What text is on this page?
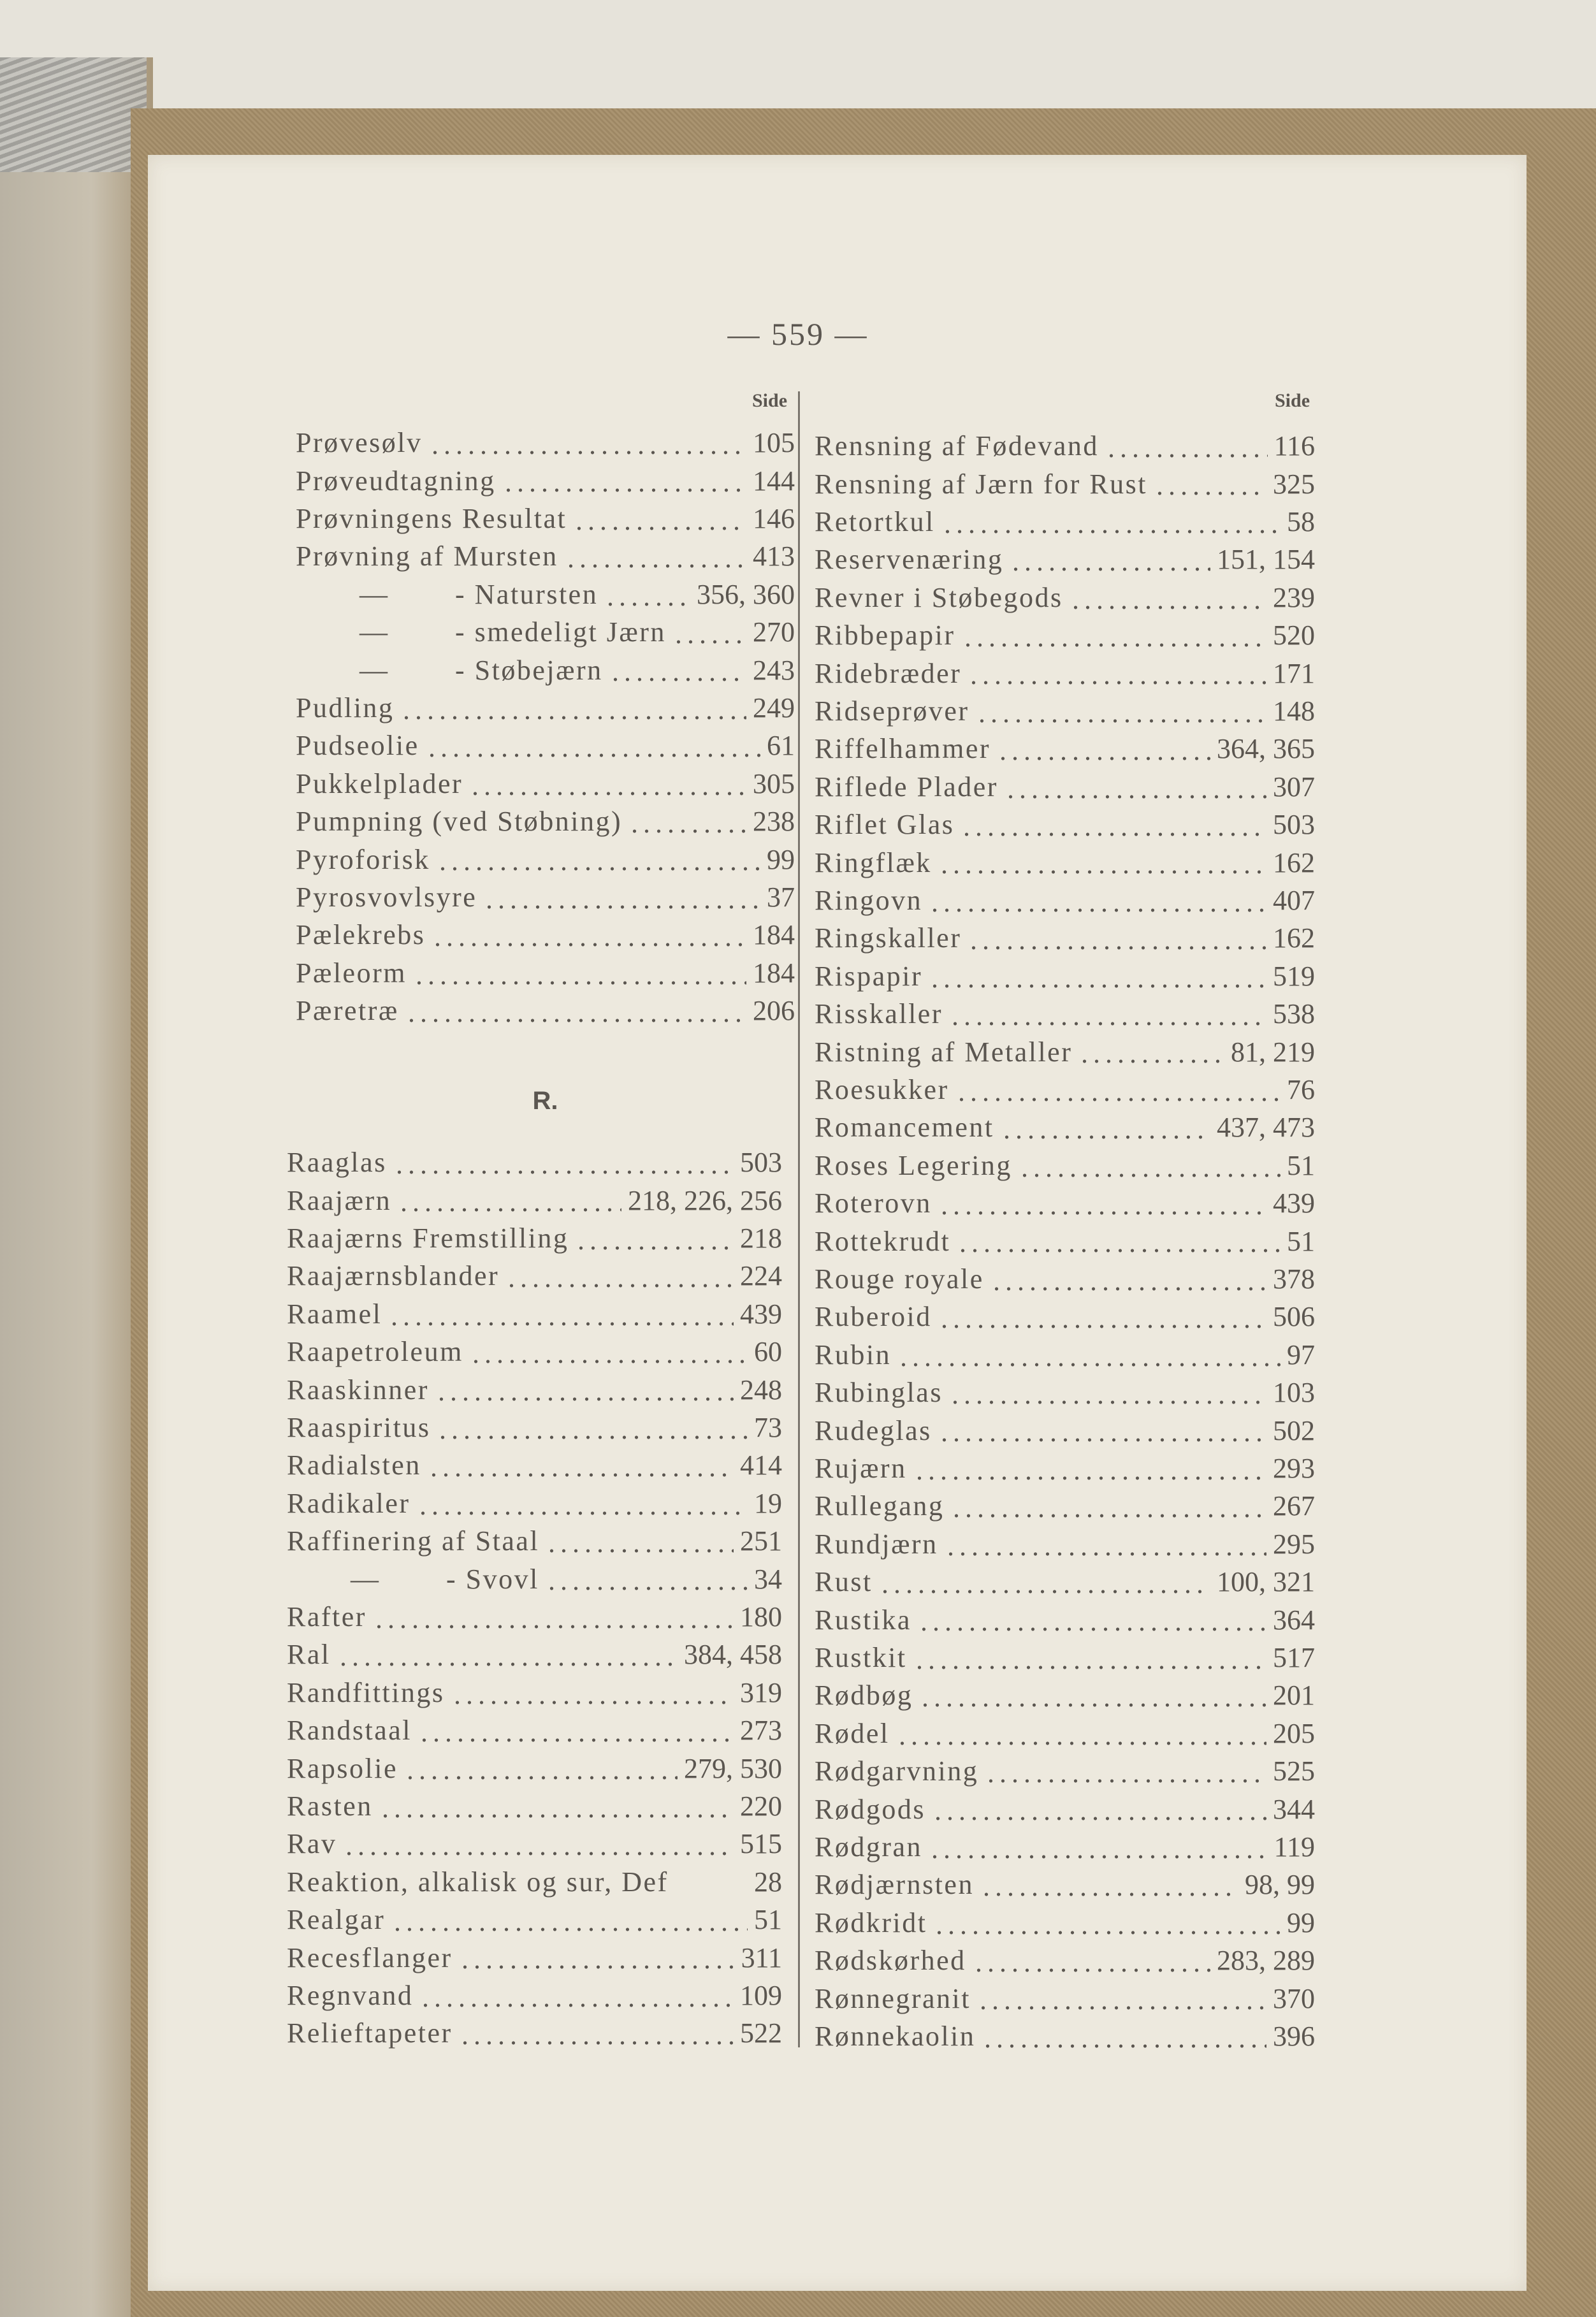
— 559 —
Side	Side
Prøvesølv	105
Prøveudtagning	144
Prøvningens Resultat	146
Prøvning af Mursten	413
—	- Natursten	356, 360
—	- smedeligt Jærn	270
—	- Støbejærn	243
Pudling	249
Pudseolie	61
Pukkelplader	305
Pumpning (ved Støbning)	238
Pyroforisk	99
Pyrosvovlsyre	37
Pælekrebs	184
Pæleorm	184
Pæretræ	206
R.
Raaglas	503
Raajærn	218, 226, 256
Raajærns Fremstilling	218
Raajærnsblander	224
Raamel	439
Raapetroleum	60
Raaskinner	248
Raaspiritus	73
Radialsten	414
Radikaler	19
Raffinering af Staal	251
—	- Svovl	34
Rafter	180
Ral	384, 458
Randfittings	319
Randstaal	273
Rapsolie	279, 530
Rasten	220
Rav	515
Reaktion, alkalisk og sur, Def	28
Realgar	51
Recesflanger	311
Regnvand	109
Relieftapeter	522
Rensning af Fødevand	116
Rensning af Jærn for Rust	325
Retortkul	58
Reservenæring	151, 154
Revner i Støbegods	239
Ribbepapir	520
Ridebræder	171
Ridseprøver	148
Riffelhammer	364, 365
Riflede Plader	307
Riflet Glas	503
Ringflæk	162
Ringovn	407
Ringskaller	162
Rispapir	519
Risskaller	538
Ristning af Metaller	81, 219
Roesukker	76
Romancement	437, 473
Roses Legering	51
Roterovn	439
Rottekrudt	51
Rouge royale	378
Ruberoid	506
Rubin	97
Rubinglas	103
Rudeglas	502
Rujærn	293
Rullegang	267
Rundjærn	295
Rust	100, 321
Rustika	364
Rustkit	517
Rødbøg	201
Rødel	205
Rødgarvning	525
Rødgods	344
Rødgran	119
Rødjærnsten	98, 99
Rødkridt	99
Rødskørhed	283, 289
Rønnegranit	370
Rønnekaolin	396
